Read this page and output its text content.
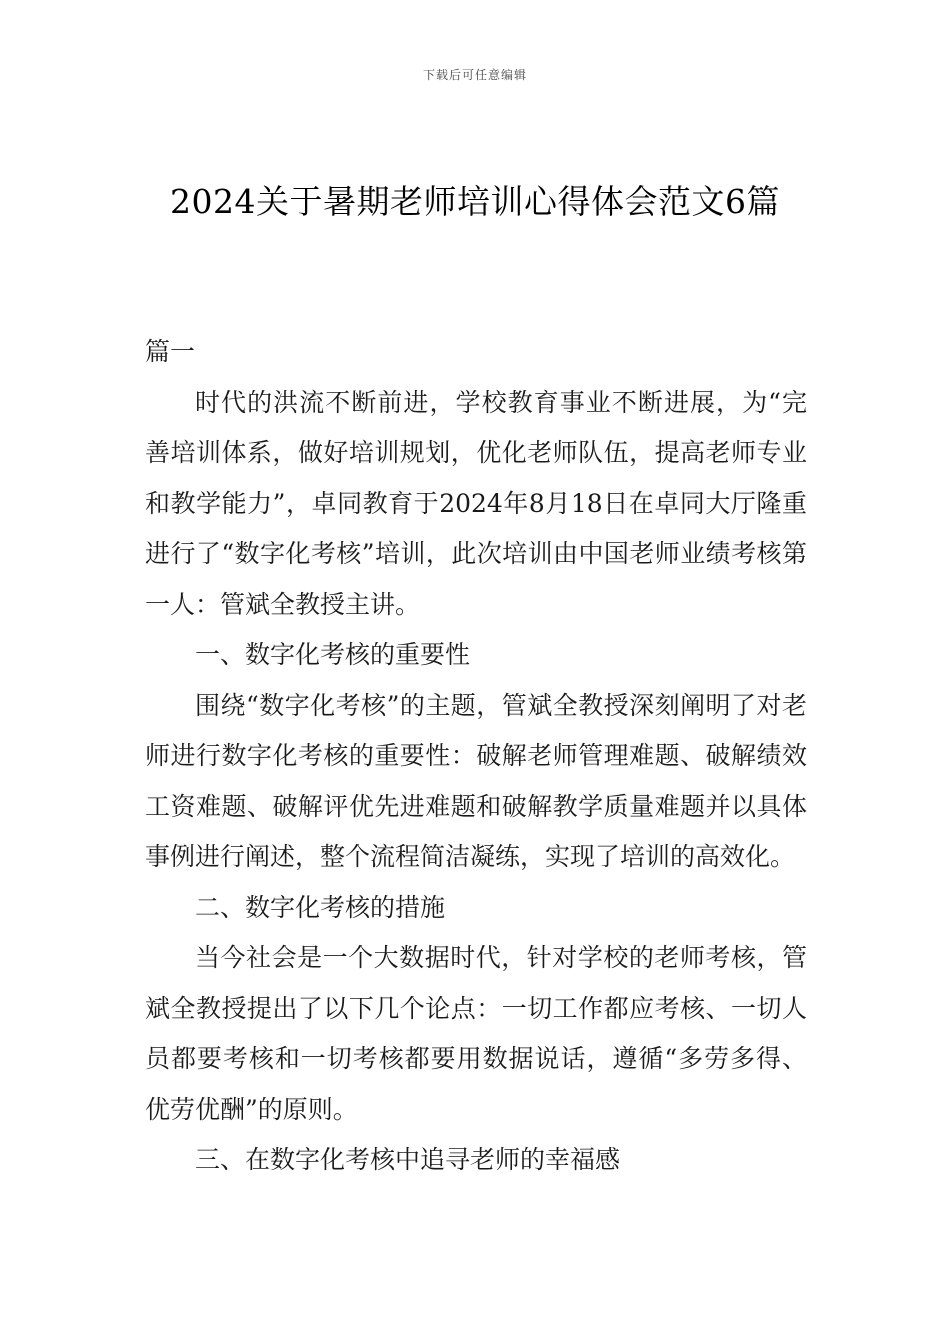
下载后可任意编辑
2024关于暑期老师培训心得体会范文6篇

篇一

时代的洪流不断前进，学校教育事业不断进展，为“完善培训体系，做好培训规划，优化老师队伍，提高老师专业和教学能力”，卓同教育于2024年8月18日在卓同大厅隆重进行了“数字化考核”培训，此次培训由中国老师业绩考核第一人：管斌全教授主讲。

一、数字化考核的重要性

围绕“数字化考核”的主题，管斌全教授深刻阐明了对老师进行数字化考核的重要性：破解老师管理难题、破解绩效工资难题、破解评优先进难题和破解教学质量难题并以具体事例进行阐述，整个流程简洁凝练，实现了培训的高效化。

二、数字化考核的措施

当今社会是一个大数据时代，针对学校的老师考核，管斌全教授提出了以下几个论点：一切工作都应考核、一切人员都要考核和一切考核都要用数据说话，遵循“多劳多得、优劳优酬”的原则。

三、在数字化考核中追寻老师的幸福感
